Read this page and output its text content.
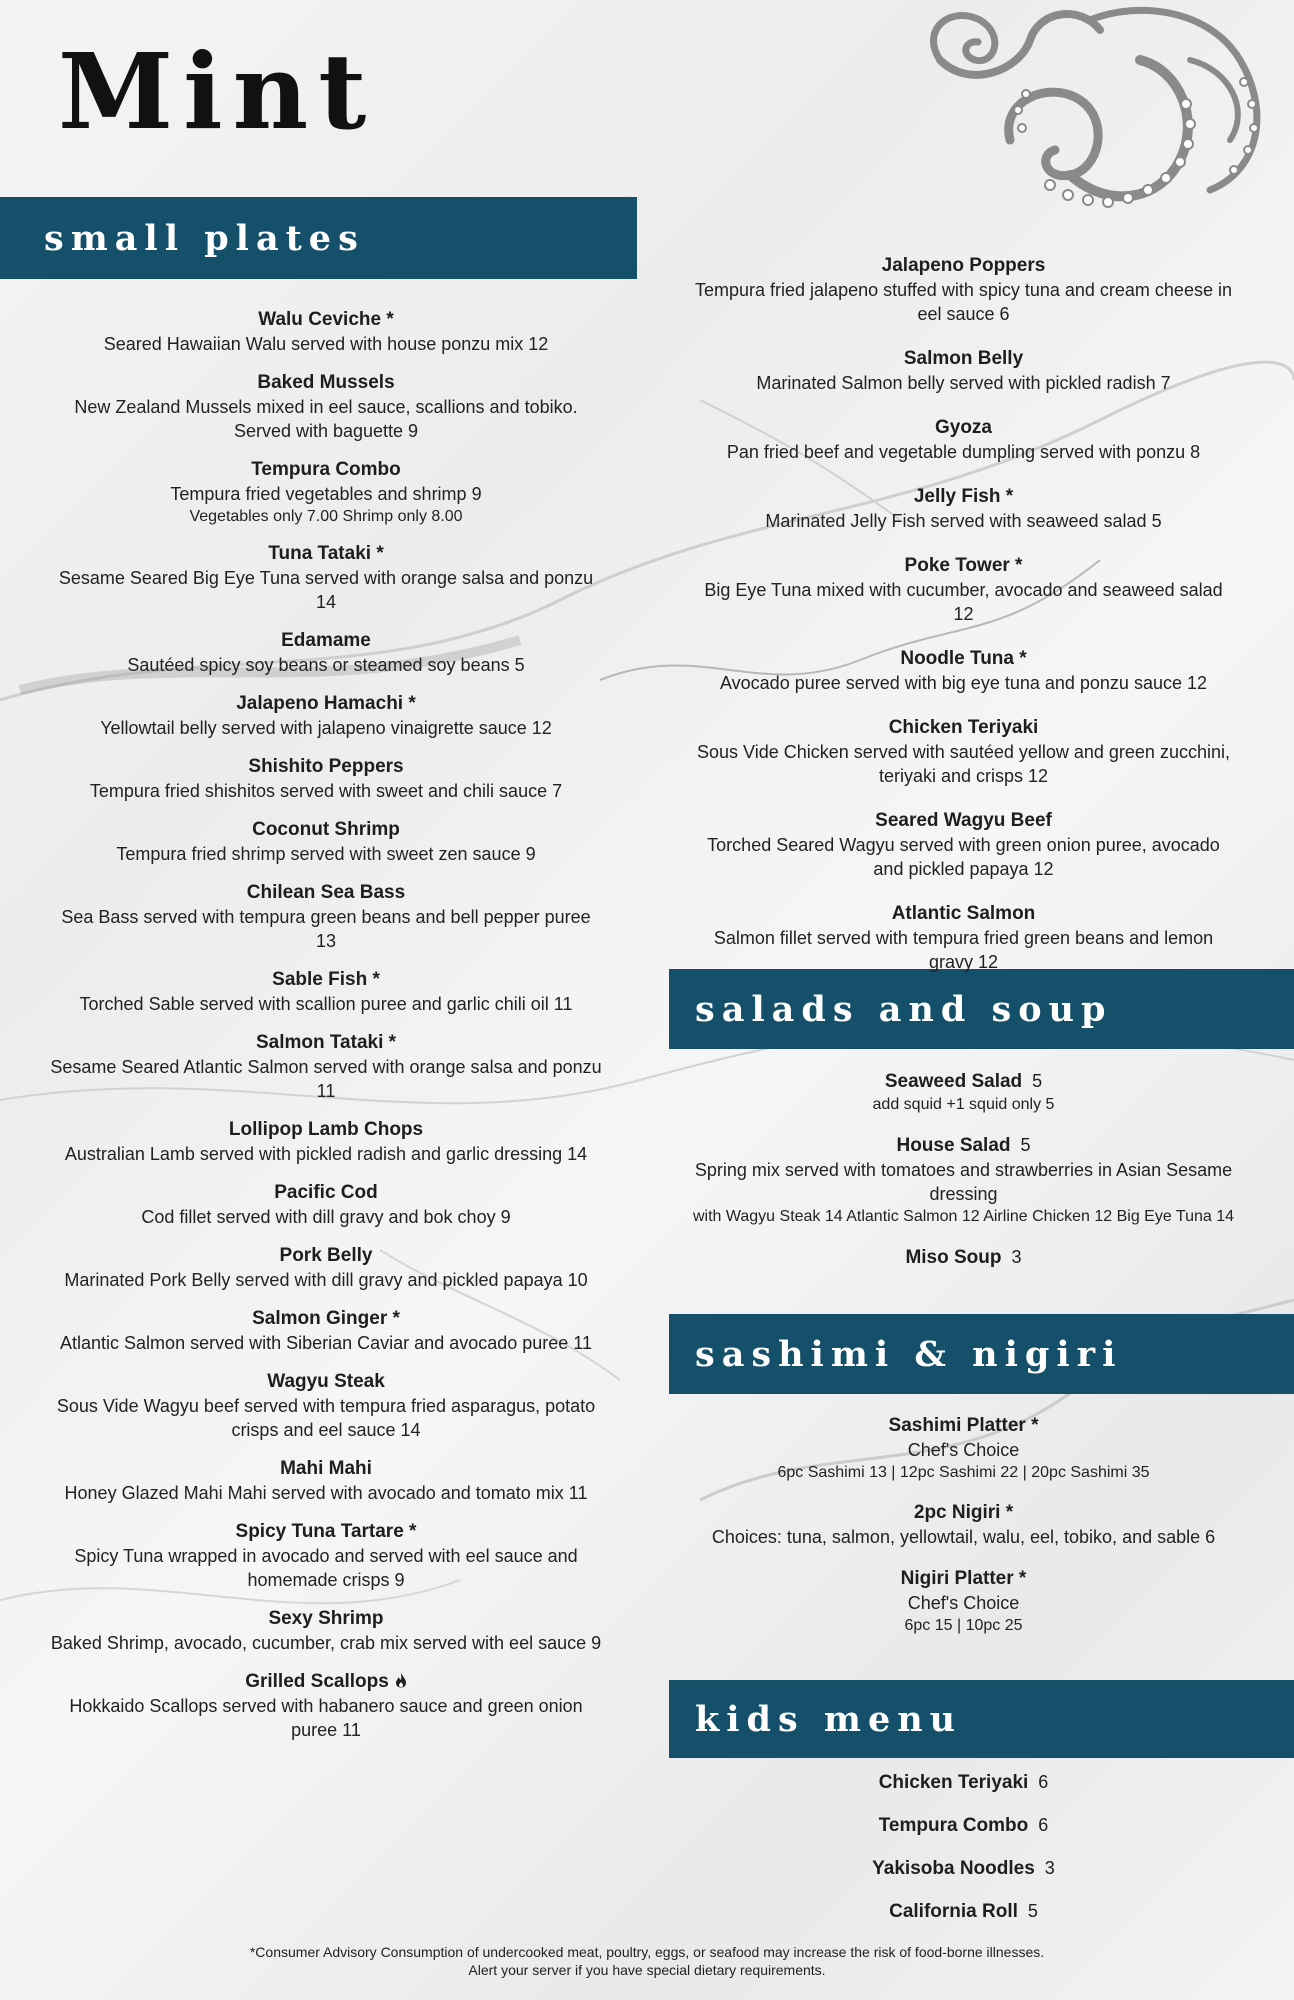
Mint
small plates
salads and soup
sashimi & nigiri
kids menu
Walu Ceviche *
Seared Hawaiian Walu served with house ponzu mix 12
Baked Mussels
New Zealand Mussels mixed in eel sauce, scallions and tobiko. Served with baguette 9
Tempura Combo
Tempura fried vegetables and shrimp 9
Vegetables only 7.00 Shrimp only 8.00
Tuna Tataki *
Sesame Seared Big Eye Tuna served with orange salsa and ponzu 14
Edamame
Sautéed spicy soy beans or steamed soy beans 5
Jalapeno Hamachi *
Yellowtail belly served with jalapeno vinaigrette sauce 12
Shishito Peppers
Tempura fried shishitos served with sweet and chili sauce 7
Coconut Shrimp
Tempura fried shrimp served with sweet zen sauce 9
Chilean Sea Bass
Sea Bass served with tempura green beans and bell pepper puree 13
Sable Fish *
Torched Sable served with scallion puree and garlic chili oil 11
Salmon Tataki *
Sesame Seared Atlantic Salmon served with orange salsa and ponzu 11
Lollipop Lamb Chops
Australian Lamb served with pickled radish and garlic dressing 14
Pacific Cod
Cod fillet served with dill gravy and bok choy 9
Pork Belly
Marinated Pork Belly served with dill gravy and pickled papaya 10
Salmon Ginger *
Atlantic Salmon served with Siberian Caviar and avocado puree 11
Wagyu Steak
Sous Vide Wagyu beef served with tempura fried asparagus, potato crisps and eel sauce 14
Mahi Mahi
Honey Glazed Mahi Mahi served with avocado and tomato mix 11
Spicy Tuna Tartare *
Spicy Tuna wrapped in avocado and served with eel sauce and homemade crisps 9
Sexy Shrimp
Baked Shrimp, avocado, cucumber, crab mix served with eel sauce 9
Grilled Scallops
Hokkaido Scallops served with habanero sauce and green onion puree 11
Jalapeno Poppers
Tempura fried jalapeno stuffed with spicy tuna and cream cheese in eel sauce 6
Salmon Belly
Marinated Salmon belly served with pickled radish 7
Gyoza
Pan fried beef and vegetable dumpling served with ponzu 8
Jelly Fish *
Marinated Jelly Fish served with seaweed salad 5
Poke Tower *
Big Eye Tuna mixed with cucumber, avocado and seaweed salad 12
Noodle Tuna *
Avocado puree served with big eye tuna and ponzu sauce 12
Chicken Teriyaki
Sous Vide Chicken served with sautéed yellow and green zucchini, teriyaki and crisps 12
Seared Wagyu Beef
Torched Seared Wagyu served with green onion puree, avocado and pickled papaya 12
Atlantic Salmon
Salmon fillet served with tempura fried green beans and lemon gravy 12
Seaweed Salad 5
add squid +1 squid only 5
House Salad 5
Spring mix served with tomatoes and strawberries in Asian Sesame dressing
with Wagyu Steak 14 Atlantic Salmon 12 Airline Chicken 12 Big Eye Tuna 14
Miso Soup 3
Sashimi Platter *
Chef's Choice
6pc Sashimi 13 | 12pc Sashimi 22 | 20pc Sashimi 35
2pc Nigiri *
Choices: tuna, salmon, yellowtail, walu, eel, tobiko, and sable 6
Nigiri Platter *
Chef's Choice
6pc 15 | 10pc 25
Chicken Teriyaki 6
Tempura Combo 6
Yakisoba Noodles 3
California Roll 5
*Consumer Advisory Consumption of undercooked meat, poultry, eggs, or seafood may increase the risk of food-borne illnesses.
Alert your server if you have special dietary requirements.
